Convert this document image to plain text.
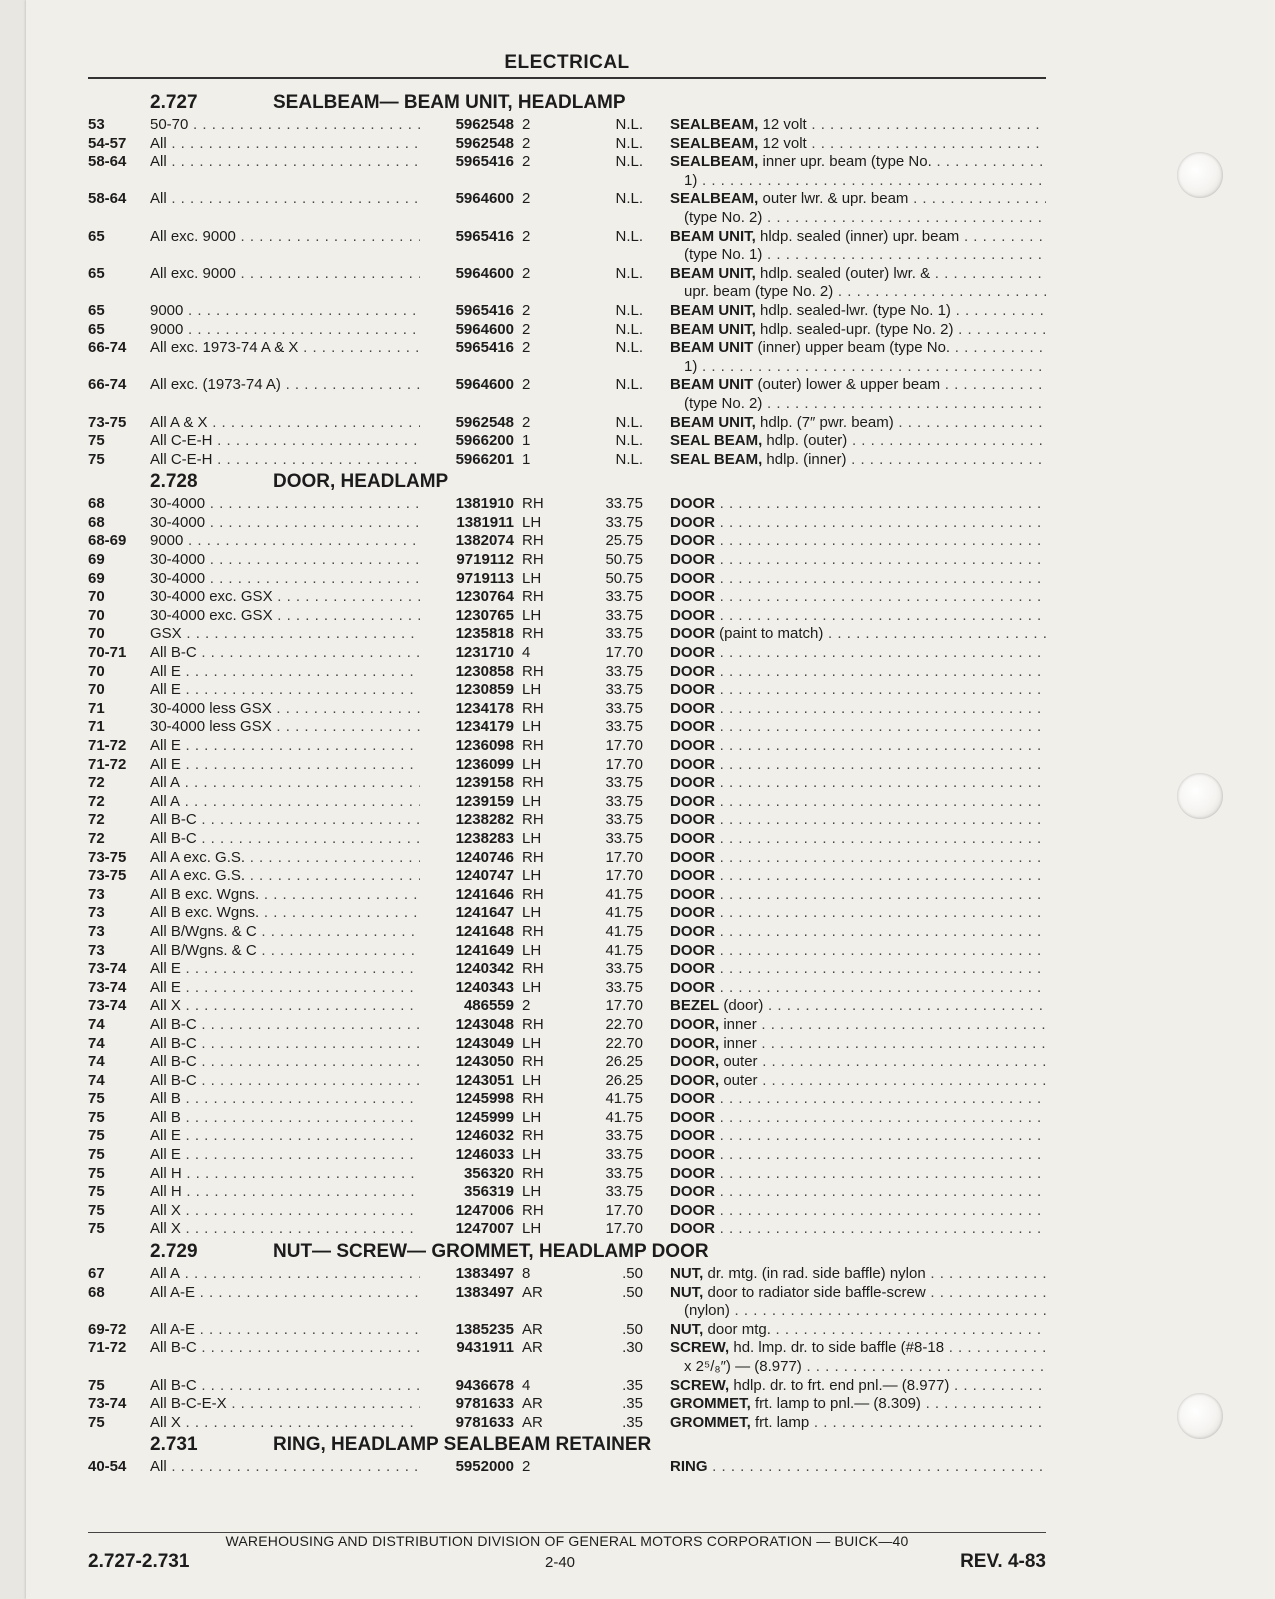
ELECTRICAL
2.727	SEALBEAM— BEAM UNIT, HEADLAMP
53	50-70 . . .	5962548 2	N.L. SEALBEAM, 12 volt . . .
54-57	All . . .	5962548 2	N.L. SEALBEAM, 12 volt . . .
58-64	All . . .	5965416 2	N.L. SEALBEAM, inner upr. beam (type No. . . .
1) . . .
58-64	All . . .	5964600 2	N.L. SEALBEAM, outer lwr. & upr. beam . . .
(type No. 2) . . .
65	All exc. 9000 . . .	5965416 2	N.L. BEAM UNIT, hldp. sealed (inner) upr. beam . . .
(type No. 1) . . .
65	All exc. 9000 . . .	5964600 2	N.L. BEAM UNIT, hdlp. sealed (outer) lwr. & . . .
upr. beam (type No. 2) . . .
65	9000 . . .	5965416 2	N.L. BEAM UNIT, hdlp. sealed-lwr. (type No. 1) . . .
65	9000 . . .	5964600 2	N.L. BEAM UNIT, hdlp. sealed-upr. (type No. 2) . . .
66-74	All exc. 1973-74 A & X . . .	5965416 2	N.L. BEAM UNIT (inner) upper beam (type No. . . .
1) . . .
66-74	All exc. (1973-74 A) . . .	5964600 2	N.L. BEAM UNIT (outer) lower & upper beam . . .
(type No. 2) . . .
73-75	All A & X . . .	5962548 2	N.L. BEAM UNIT, hdlp. (7″ pwr. beam) . . .
75	All C-E-H . . .	5966200 1	N.L. SEAL BEAM, hdlp. (outer) . . .
75	All C-E-H . . .	5966201 1	N.L. SEAL BEAM, hdlp. (inner) . . .
2.728	DOOR, HEADLAMP
68	30-4000 . . .	1381910 RH	33.75 DOOR . . .
68	30-4000 . . .	1381911 LH	33.75 DOOR . . .
68-69	9000 . . .	1382074 RH	25.75 DOOR . . .
69	30-4000 . . .	9719112 RH	50.75 DOOR . . .
69	30-4000 . . .	9719113 LH	50.75 DOOR . . .
70	30-4000 exc. GSX . . .	1230764 RH	33.75 DOOR . . .
70	30-4000 exc. GSX . . .	1230765 LH	33.75 DOOR . . .
70	GSX . . .	1235818 RH	33.75 DOOR (paint to match) . . .
70-71	All B-C . . .	1231710 4	17.70 DOOR . . .
70	All E . . .	1230858 RH	33.75 DOOR . . .
70	All E . . .	1230859 LH	33.75 DOOR . . .
71	30-4000 less GSX . . .	1234178 RH	33.75 DOOR . . .
71	30-4000 less GSX . . .	1234179 LH	33.75 DOOR . . .
71-72	All E . . .	1236098 RH	17.70 DOOR . . .
71-72	All E . . .	1236099 LH	17.70 DOOR . . .
72	All A . . .	1239158 RH	33.75 DOOR . . .
72	All A . . .	1239159 LH	33.75 DOOR . . .
72	All B-C . . .	1238282 RH	33.75 DOOR . . .
72	All B-C . . .	1238283 LH	33.75 DOOR . . .
73-75	All A exc. G.S. . . .	1240746 RH	17.70 DOOR . . .
73-75	All A exc. G.S. . . .	1240747 LH	17.70 DOOR . . .
73	All B exc. Wgns. . . .	1241646 RH	41.75 DOOR . . .
73	All B exc. Wgns. . . .	1241647 LH	41.75 DOOR . . .
73	All B/Wgns. & C . . .	1241648 RH	41.75 DOOR . . .
73	All B/Wgns. & C . . .	1241649 LH	41.75 DOOR . . .
73-74	All E . . .	1240342 RH	33.75 DOOR . . .
73-74	All E . . .	1240343 LH	33.75 DOOR . . .
73-74	All X . . .	486559 2	17.70 BEZEL (door) . . .
74	All B-C . . .	1243048 RH	22.70 DOOR, inner . . .
74	All B-C . . .	1243049 LH	22.70 DOOR, inner . . .
74	All B-C . . .	1243050 RH	26.25 DOOR, outer . . .
74	All B-C . . .	1243051 LH	26.25 DOOR, outer . . .
75	All B . . .	1245998 RH	41.75 DOOR . . .
75	All B . . .	1245999 LH	41.75 DOOR . . .
75	All E . . .	1246032 RH	33.75 DOOR . . .
75	All E . . .	1246033 LH	33.75 DOOR . . .
75	All H . . .	356320 RH	33.75 DOOR . . .
75	All H . . .	356319 LH	33.75 DOOR . . .
75	All X . . .	1247006 RH	17.70 DOOR . . .
75	All X . . .	1247007 LH	17.70 DOOR . . .
2.729	NUT— SCREW— GROMMET, HEADLAMP DOOR
67	All A . . .	1383497 8	.50 NUT, dr. mtg. (in rad. side baffle) nylon . . .
68	All A-E . . .	1383497 AR	.50 NUT, door to radiator side baffle-screw . . .
(nylon) . . .
69-72	All A-E . . .	1385235 AR	.50 NUT, door mtg. . . .
71-72	All B-C . . .	9431911 AR	.30 SCREW, hd. lmp. dr. to side baffle (#8-18 . . .
x 2⁵/₈″) — (8.977) . . .
75	All B-C . . .	9436678 4	.35 SCREW, hdlp. dr. to frt. end pnl.— (8.977) . . .
73-74	All B-C-E-X . . .	9781633 AR	.35 GROMMET, frt. lamp to pnl.— (8.309) . . .
75	All X . . .	9781633 AR	.35 GROMMET, frt. lamp . . .
2.731	RING, HEADLAMP SEALBEAM RETAINER
40-54	All . . .	5952000 2	RING . . .
WAREHOUSING AND DISTRIBUTION DIVISION OF GENERAL MOTORS CORPORATION — BUICK—40
2.727-2.731	2-40	REV. 4-83
